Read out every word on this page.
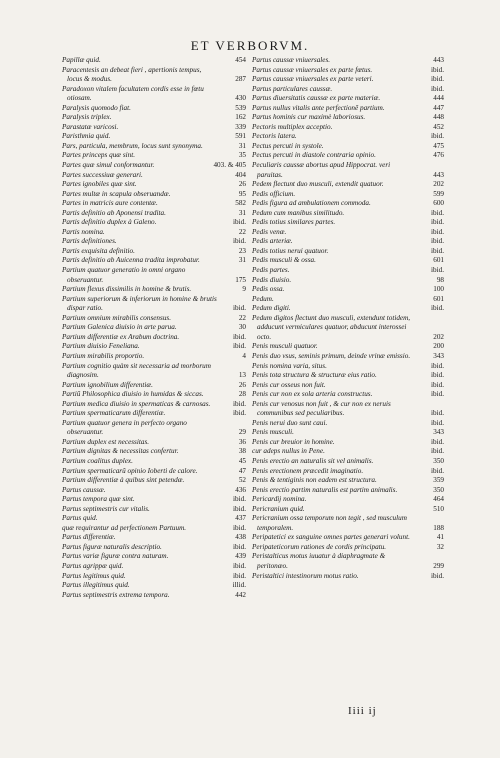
ET VERBORVM.
Papillæ quid.	454
Paracentesis an debeat fieri , apertionis tempus, locus & modus.	287
Paradoxon vitalem facultatem cordis esse in fœtu otiosam.	430
Paralysis quomodo fiat.	539
Paralysis triplex.	162
Parastatæ varicosi.	339
Paristhmia quid.	591
Pars, particula, membrum, locus sunt synonyma.	31
Partes princeps quæ sint.	35
Partes quæ simul conformantur.	403. & 405
Partes successiuæ generari.	404
Partes ignobiles quæ sint.	26
Partes multæ in scapula obseruandæ.	95
Partes in matricis aure contentæ.	582
Partis definitio ab Aponensi tradita.	31
Partis definitio duplex à Galeno.	ibid.
Partis nomina.	22
Partis definitiones.	ibid.
Partis exquisita definitio.	23
Partis definitio ab Auicenna tradita improbatur.	31
Partium quatuor generatio in omni organo obseruantur.	175
Partium flexus dissimilis in homine & brutis.	9
Partium superiorum & inferiorum in homine & brutis dispar ratio.	ibid.
Partium omnium mirabilis consensus.	22
Partium Galenica diuisio in arte parua.	30
Partium differentiæ ex Arabum doctrina.	ibid.
Partium diuisio Feneliana.	ibid.
Partium mirabilis proportio.	4
Partium cognitio quàm sit necessaria ad morborum diagnosim.	13
Partium ignobilium differentiæ.	26
Partiũ Philosophica diuisio in humidas & siccas.	28
Partium medica diuisio in spermaticas & carnosas.	ibid.
Partium spermaticarum differentiæ.	ibid.
Partium quatuor genera in perfecto organo obseruantur.	29
Partium duplex est necessitas.	36
Partium dignitas & necessitas confertur.	38
Partium coalitus duplex.	45
Partium spermaticarũ opinio Ioberti de calore.	47
Partium differentiæ à quibus sint petendæ.	52
Partus caussæ.	436
Partus tempora quæ sint.	ibid.
Partus septimestris cur vitalis.	ibid.
Partus quid.	437
quæ requirantur ad perfectionem Partuum.	ibid.
Partus differentiæ.	438
Partus figuræ naturalis descriptio.	ibid.
Partus variæ figuræ contra naturam.	439
Partus agrippæ quid.	ibid.
Partus legitimus quid.	ibid.
Partus illegitimus quid.	illid.
Partus septimestris extrema tempora.	442
Partus caussæ vniuersales.	443
Partus caussæ vniuersales ex parte fœtus.	ibid.
Partus caussæ vniuersales ex parte veteri.	ibid.
Partus particulares caussæ.	ibid.
Partus diuersitatis caussæ ex parte materiæ.	444
Partus nullus vitalis ante perfectionẽ partium.	447
Partus hominis cur maximè laboriosus.	448
Pectoris multiplex acceptio.	452
Pectoris latera.	ibid.
Pectus percuti in systole.	475
Pectus percuti in diastole contraria opinio.	476
Peculiaris caussæ abortus apud Hippocrat. veri paruitas.	443
Pedem flectunt duo musculi, extendit quatuor.	202
Pedis officium.	599
Pedis figura ad ambulationem commoda.	600
Pedum cum manibus similitudo.	ibid.
Pedis totius similares partes.	ibid.
Pedis venæ.	ibid.
Pedis arteriæ.	ibid.
Pedis totius nerui quatuor.	ibid.
Pedis musculi & ossa.	601
Pedis partes.	ibid.
Pedis diuisio.	98
Pedis ossa.	100
Pedum.	601
Pedum digiti.	ibid.
Pedum digitos flectunt duo musculi, extendunt totidem, adducunt vermiculares quatuor, abducunt interossei octo.	202
Penis musculi quatuor.	200
Penis duo vsus, seminis primum, deinde vrinæ emissio.	343
Penis nomina varia, situs.	ibid.
Penis tota structura & structuræ eius ratio.	ibid.
Penis cur osseus non fuit.	ibid.
Penis cur non ex sola arteria constructus.	ibid.
Penis cur venosus non fuit , & cur non ex neruis communibus sed peculiaribus.	ibid.
Penis nerui duo sunt caui.	ibid.
Penis musculi.	343
Penis cur breuior in homine.	ibid.
cur adeps nullus in Pene.	ibid.
Penis erectio an naturalis sit vel animalis.	350
Penis erectionem præcedit imaginatio.	ibid.
Penis & tentiginis non eadem est structura.	359
Penis erectio partim naturalis est partim animalis.	350
Pericardij nomina.	464
Pericranium quid.	510
Pericranium ossa temporum non tegit , sed musculum temporalem.	188
Peripatetici ex sanguine omnes partes generari volunt.	41
Peripateticorum rationes de cordis principatu.	32
Peristalticus motus iuuatur à diaphragmate & peritonæo.	299
Peristaltici intestinorum motus ratio.	ibid.
Iiii ij
